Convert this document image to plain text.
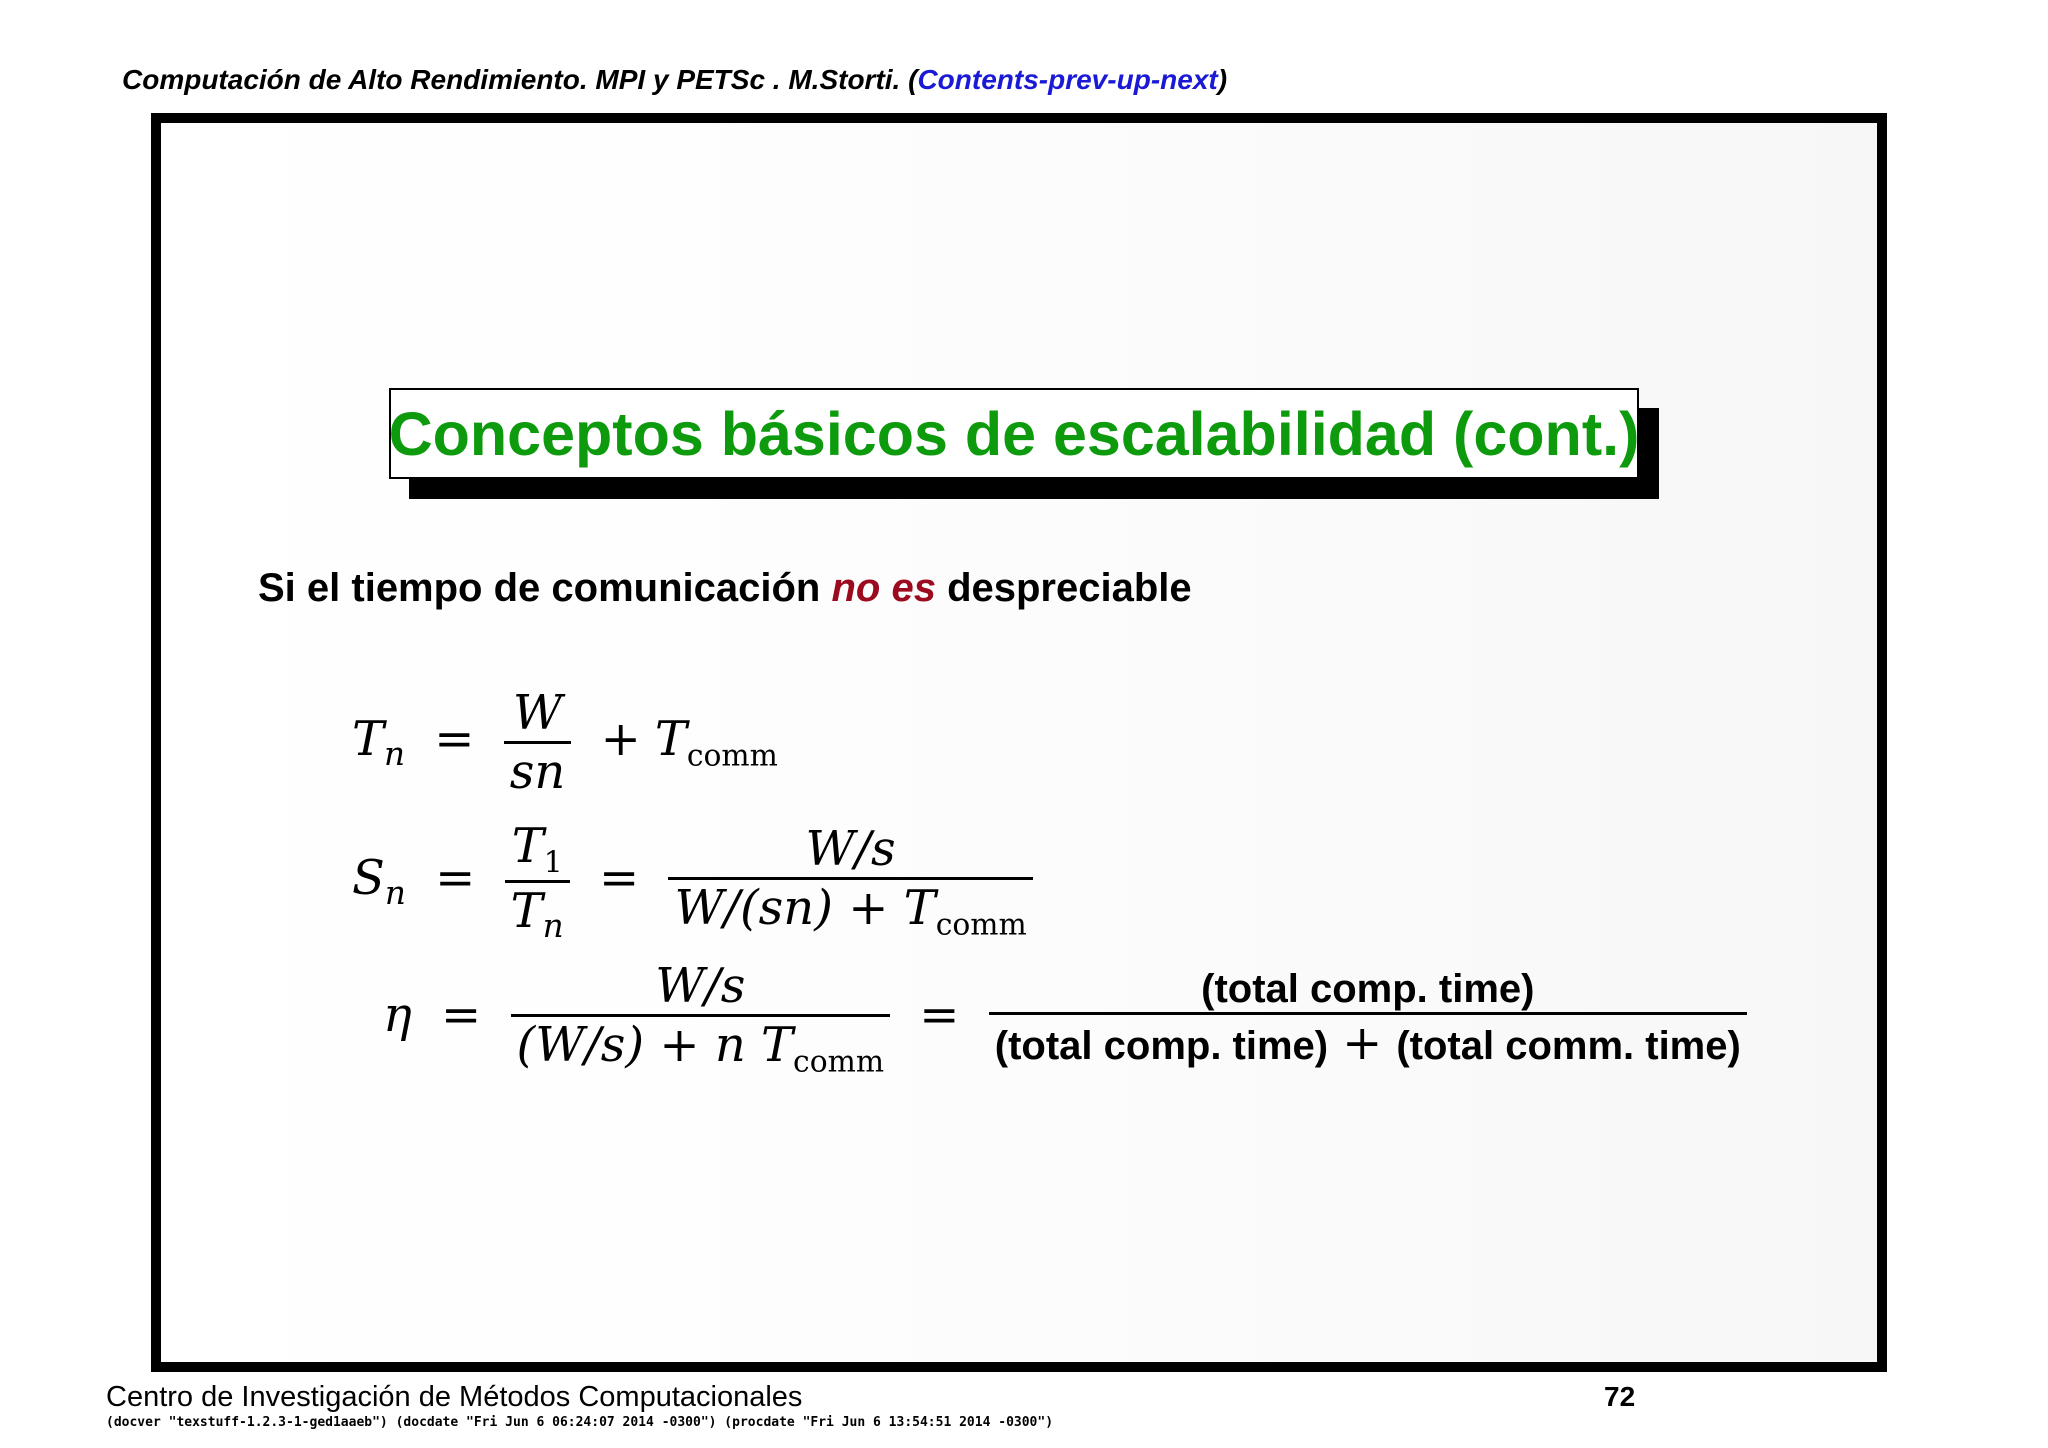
Computación de Alto Rendimiento. MPI y PETSc . M.Storti. (Contents-prev-up-next)
Conceptos básicos de escalabilidad (cont.)
Si el tiempo de comunicación no es despreciable
$T_n = \frac{W}{sn} + T_{comm}$
$S_n = \frac{T_1}{T_n} = \frac{W/s}{W/(sn) + T_{comm}}$
$\eta = \frac{W/s}{(W/s) + n T_{comm}} = \frac{\text{(total comp. time)}}{\text{(total comp. time) + (total comm. time)}}$
Centro de Investigación de Métodos Computacionales	72
(docver "texstuff-1.2.3-1-ged1aaeb") (docdate "Fri Jun 6 06:24:07 2014 -0300") (procdate "Fri Jun 6 13:54:51 2014 -0300")
